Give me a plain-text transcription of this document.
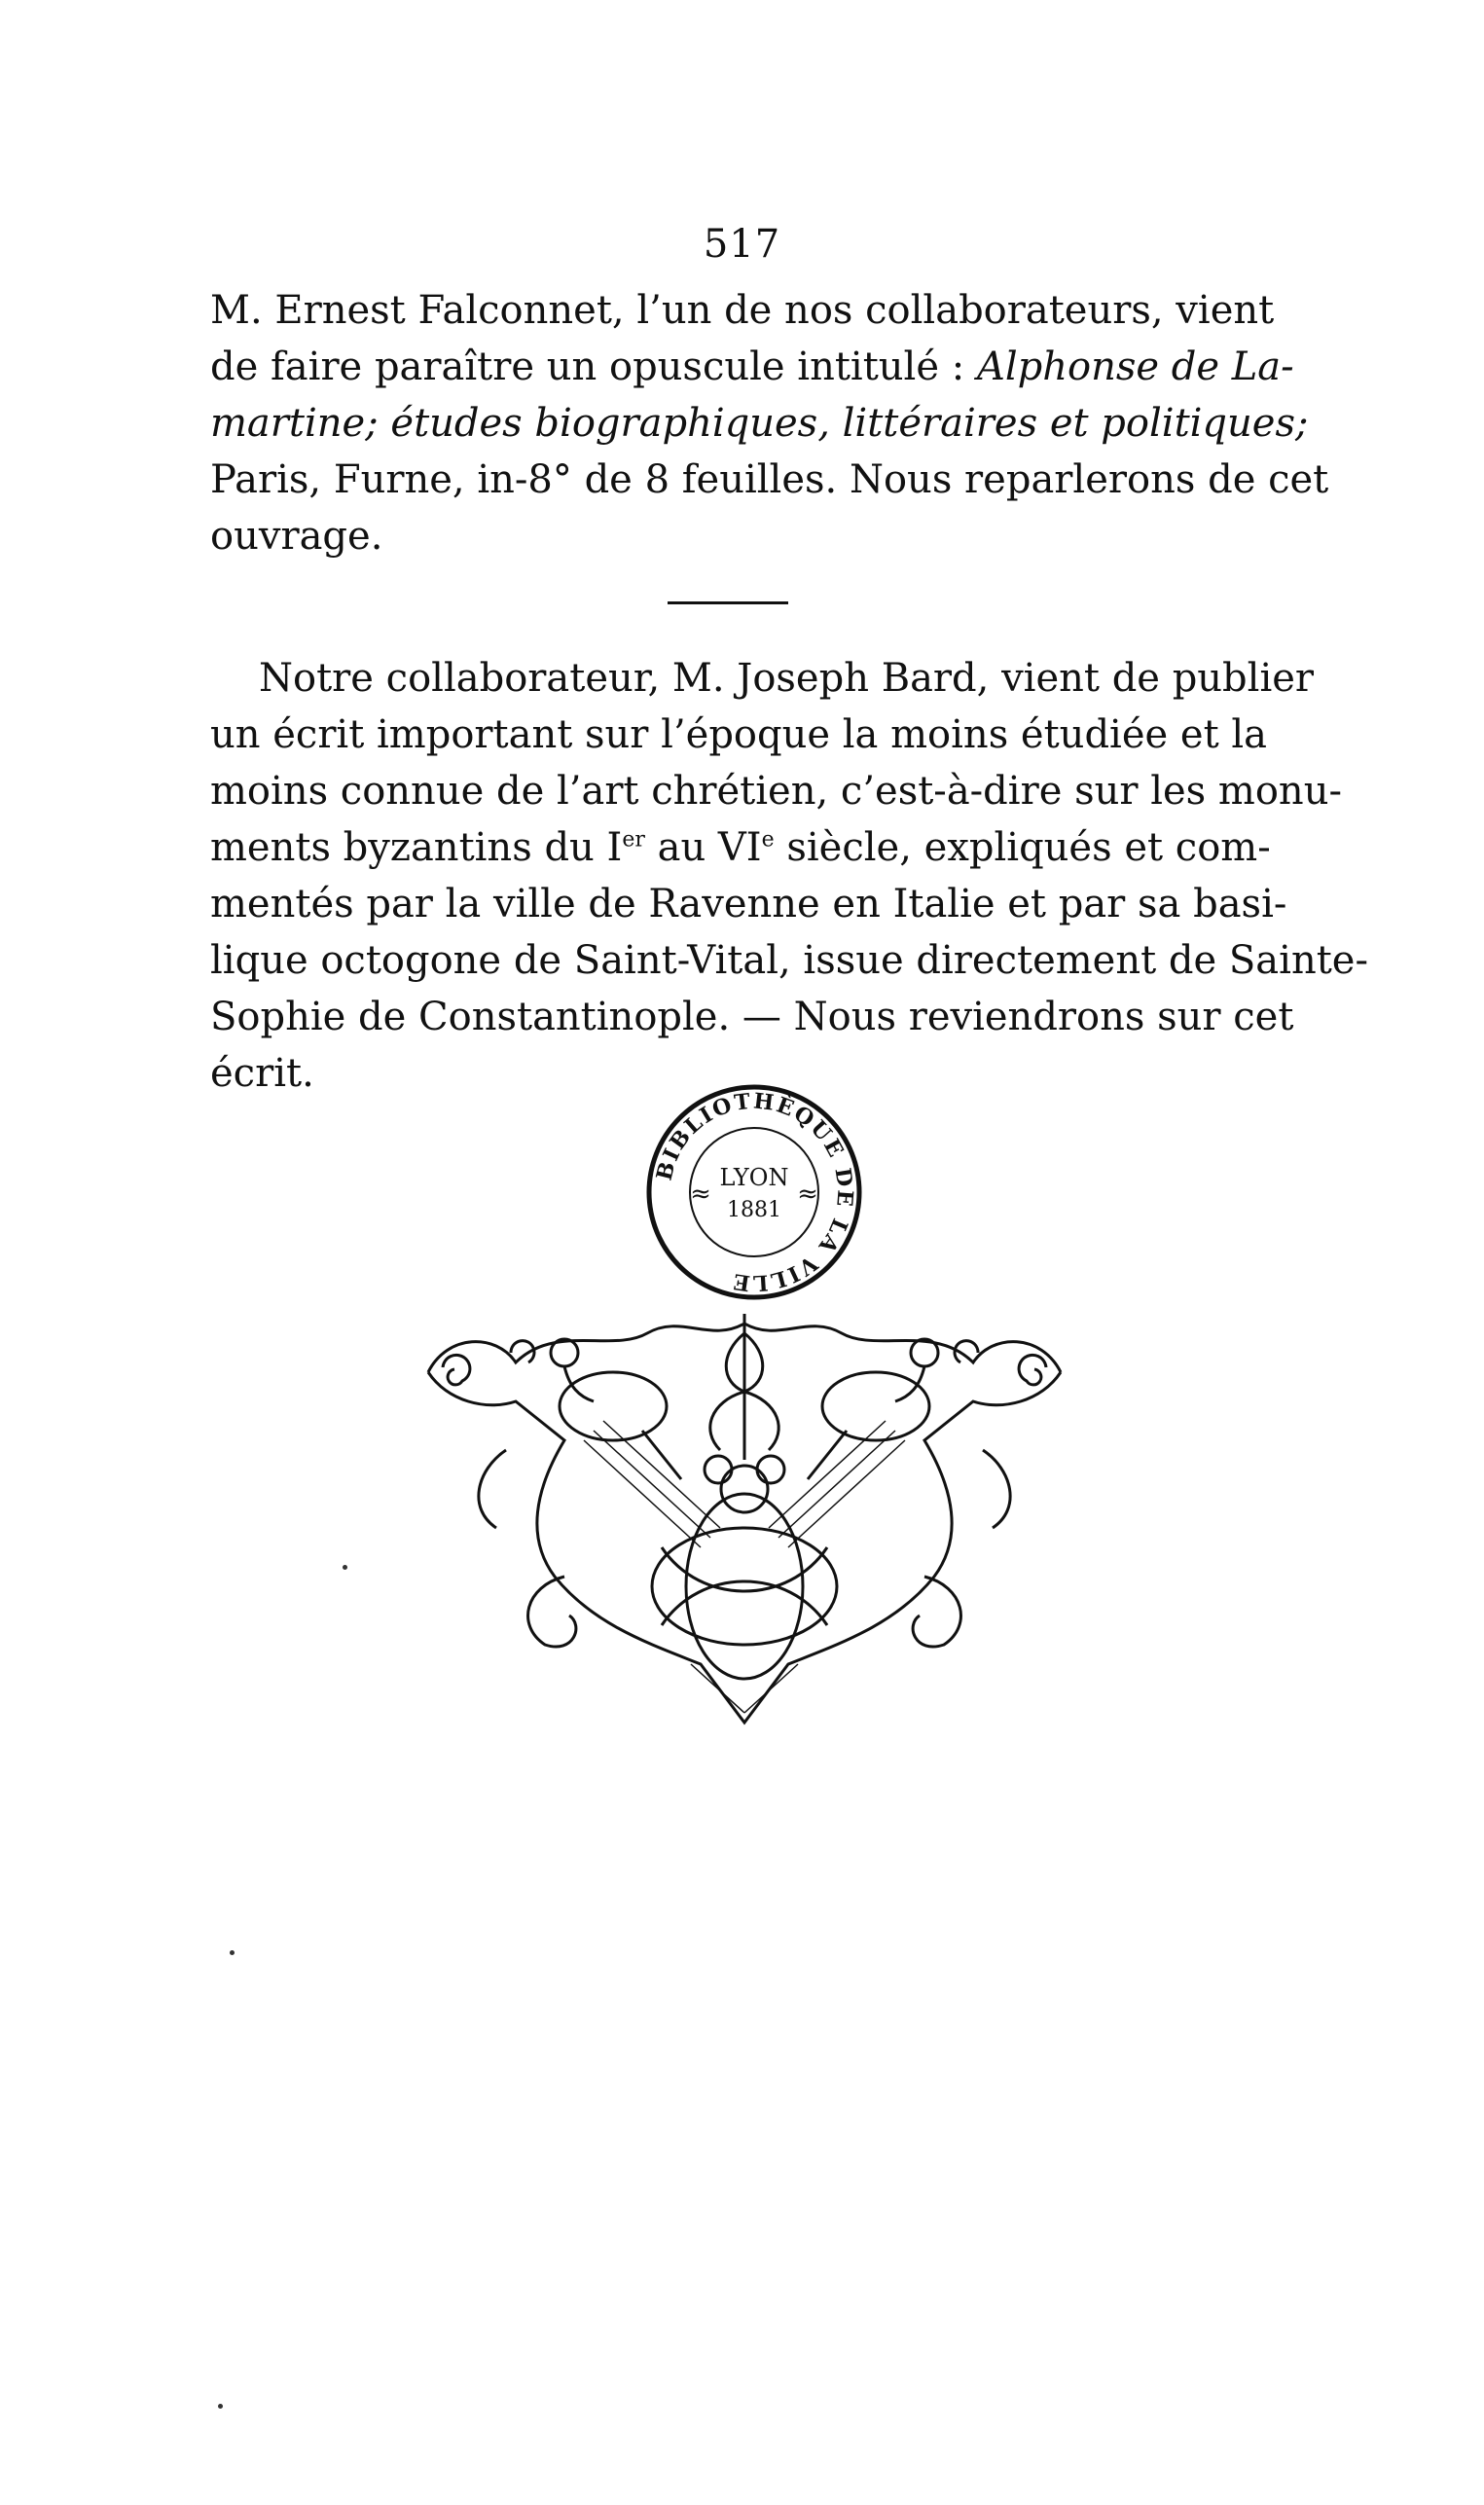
517
M. Ernest Falconnet, l’un de nos collaborateurs, vient
de faire paraître un opuscule intitulé : Alphonse de La-
martine; études biographiques, littéraires et politiques;
Paris, Furne, in-8° de 8 feuilles. Nous reparlerons de cet
ouvrage.
Notre collaborateur, M. Joseph Bard, vient de publier
un écrit important sur l’époque la moins étudiée et la
moins connue de l’art chrétien, c’est-à-dire sur les monu-
ments byzantins du Ier au VIe siècle, expliqués et com-
mentés par la ville de Ravenne en Italie et par sa basi-
lique octogone de Saint-Vital, issue directement de Sainte-
Sophie de Constantinople. — Nous reviendrons sur cet
écrit.
BIBLIOTHÈQUE DE LA VILLE
LYON
1881
≈	≈
